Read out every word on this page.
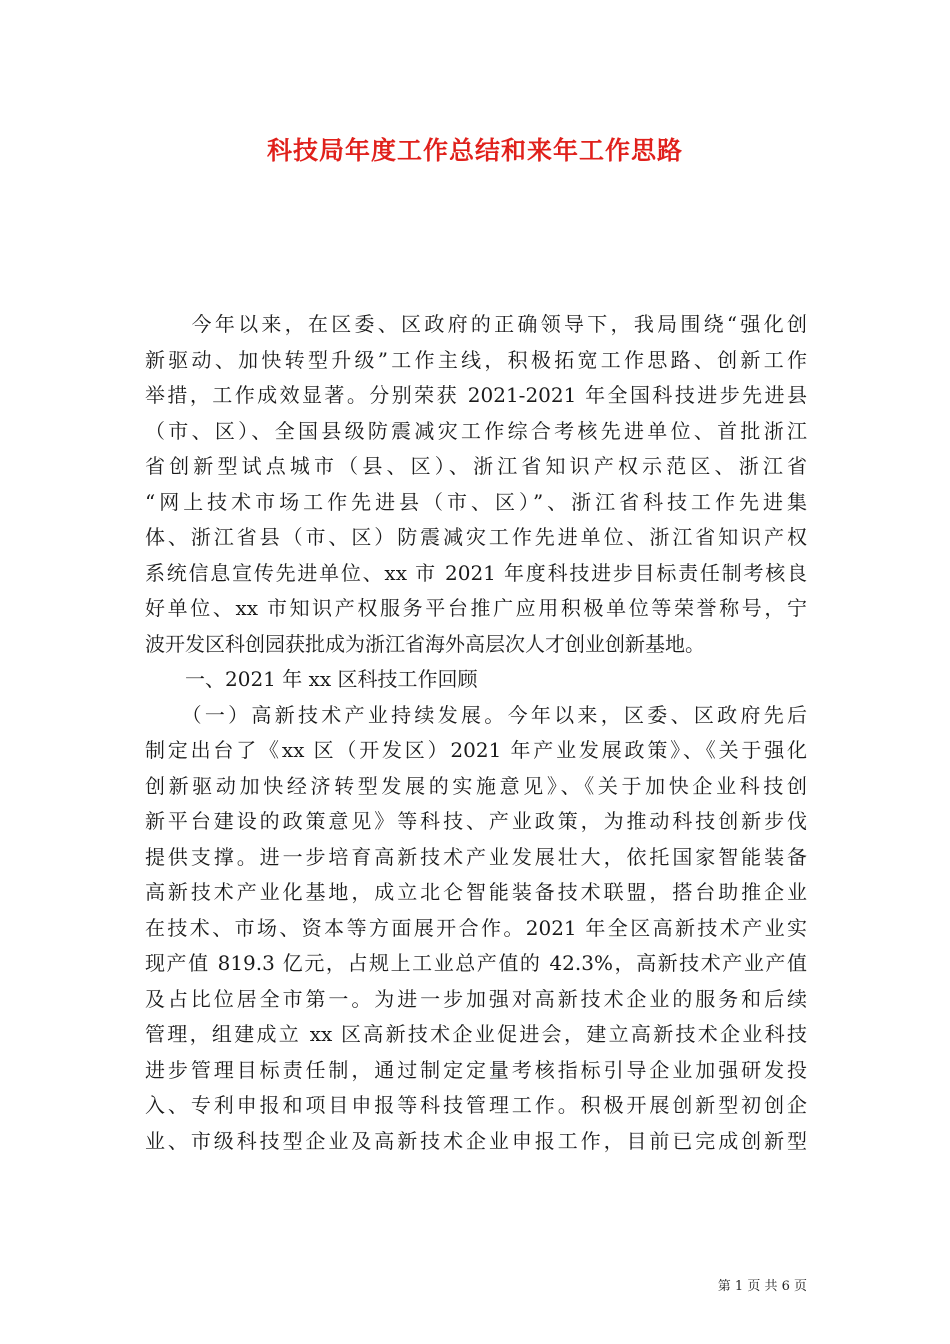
科技局年度工作总结和来年工作思路
　　今年以来，在区委、区政府的正确领导下，我局围绕“强化创
新驱动、加快转型升级”工作主线，积极拓宽工作思路、创新工作
举措，工作成效显著。分别荣获 2021-2021 年全国科技进步先进县
（市、区）、全国县级防震减灾工作综合考核先进单位、首批浙江
省创新型试点城市（县、区）、浙江省知识产权示范区、浙江省
“网上技术市场工作先进县（市、区）”、浙江省科技工作先进集
体、浙江省县（市、区）防震减灾工作先进单位、浙江省知识产权
系统信息宣传先进单位、xx 市 2021 年度科技进步目标责任制考核良
好单位、xx 市知识产权服务平台推广应用积极单位等荣誉称号，宁
波开发区科创园获批成为浙江省海外高层次人才创业创新基地。
　　一、2021 年 xx 区科技工作回顾
　　（一）高新技术产业持续发展。今年以来，区委、区政府先后
制定出台了《xx 区（开发区）2021 年产业发展政策》、《关于强化
创新驱动加快经济转型发展的实施意见》、《关于加快企业科技创
新平台建设的政策意见》等科技、产业政策，为推动科技创新步伐
提供支撑。进一步培育高新技术产业发展壮大，依托国家智能装备
高新技术产业化基地，成立北仑智能装备技术联盟，搭台助推企业
在技术、市场、资本等方面展开合作。2021 年全区高新技术产业实
现产值 819.3 亿元，占规上工业总产值的 42.3%，高新技术产业产值
及占比位居全市第一。为进一步加强对高新技术企业的服务和后续
管理，组建成立 xx 区高新技术企业促进会，建立高新技术企业科技
进步管理目标责任制，通过制定定量考核指标引导企业加强研发投
入、专利申报和项目申报等科技管理工作。积极开展创新型初创企
业、市级科技型企业及高新技术企业申报工作，目前已完成创新型
第 1 页 共 6 页
